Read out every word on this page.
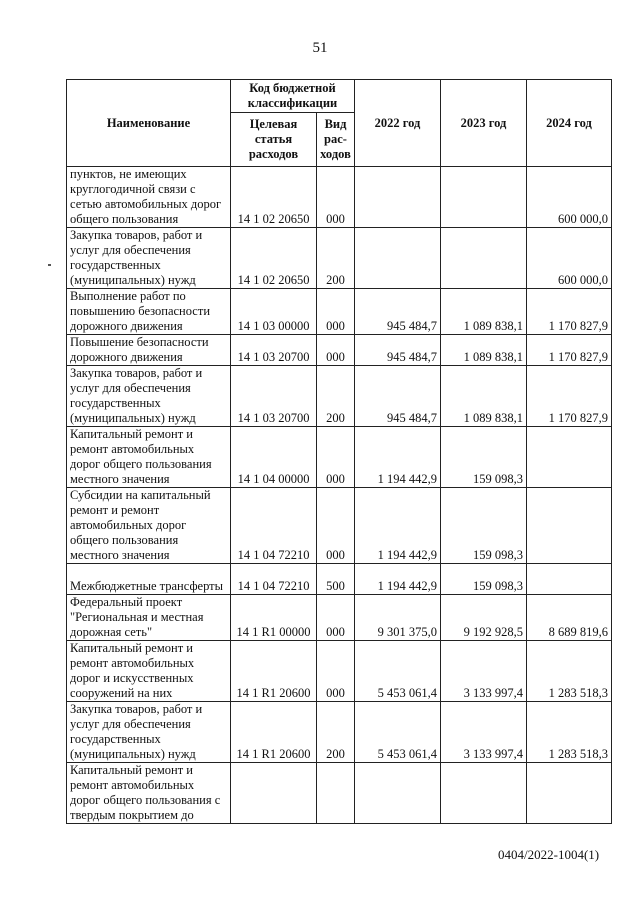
51
Наименование	Код бюджетной классификации		2022 год	2023 год	2024 год
	Целевая статья расходов	Вид рас-ходов			
пунктов, не имеющих круглогодичной связи с сетью автомобильных дорог общего пользования	14 1 02 20650	000			600 000,0
Закупка товаров, работ и услуг для обеспечения государственных (муниципальных) нужд	14 1 02 20650	200			600 000,0
Выполнение работ по повышению безопасности дорожного движения	14 1 03 00000	000	945 484,7	1 089 838,1	1 170 827,9
Повышение безопасности дорожного движения	14 1 03 20700	000	945 484,7	1 089 838,1	1 170 827,9
Закупка товаров, работ и услуг для обеспечения государственных (муниципальных) нужд	14 1 03 20700	200	945 484,7	1 089 838,1	1 170 827,9
Капитальный ремонт и ремонт автомобильных дорог общего пользования местного значения	14 1 04 00000	000	1 194 442,9	159 098,3	
Субсидии на капитальный ремонт и ремонт автомобильных дорог общего пользования местного значения	14 1 04 72210	000	1 194 442,9	159 098,3	
Межбюджетные трансферты	14 1 04 72210	500	1 194 442,9	159 098,3	
Федеральный проект "Региональная и местная дорожная сеть"	14 1 R1 00000	000	9 301 375,0	9 192 928,5	8 689 819,6
Капитальный ремонт и ремонт автомобильных дорог и искусственных сооружений на них	14 1 R1 20600	000	5 453 061,4	3 133 997,4	1 283 518,3
Закупка товаров, работ и услуг для обеспечения государственных (муниципальных) нужд	14 1 R1 20600	200	5 453 061,4	3 133 997,4	1 283 518,3
Капитальный ремонт и ремонт автомобильных дорог общего пользования с твердым покрытием до					
0404/2022-1004(1)
